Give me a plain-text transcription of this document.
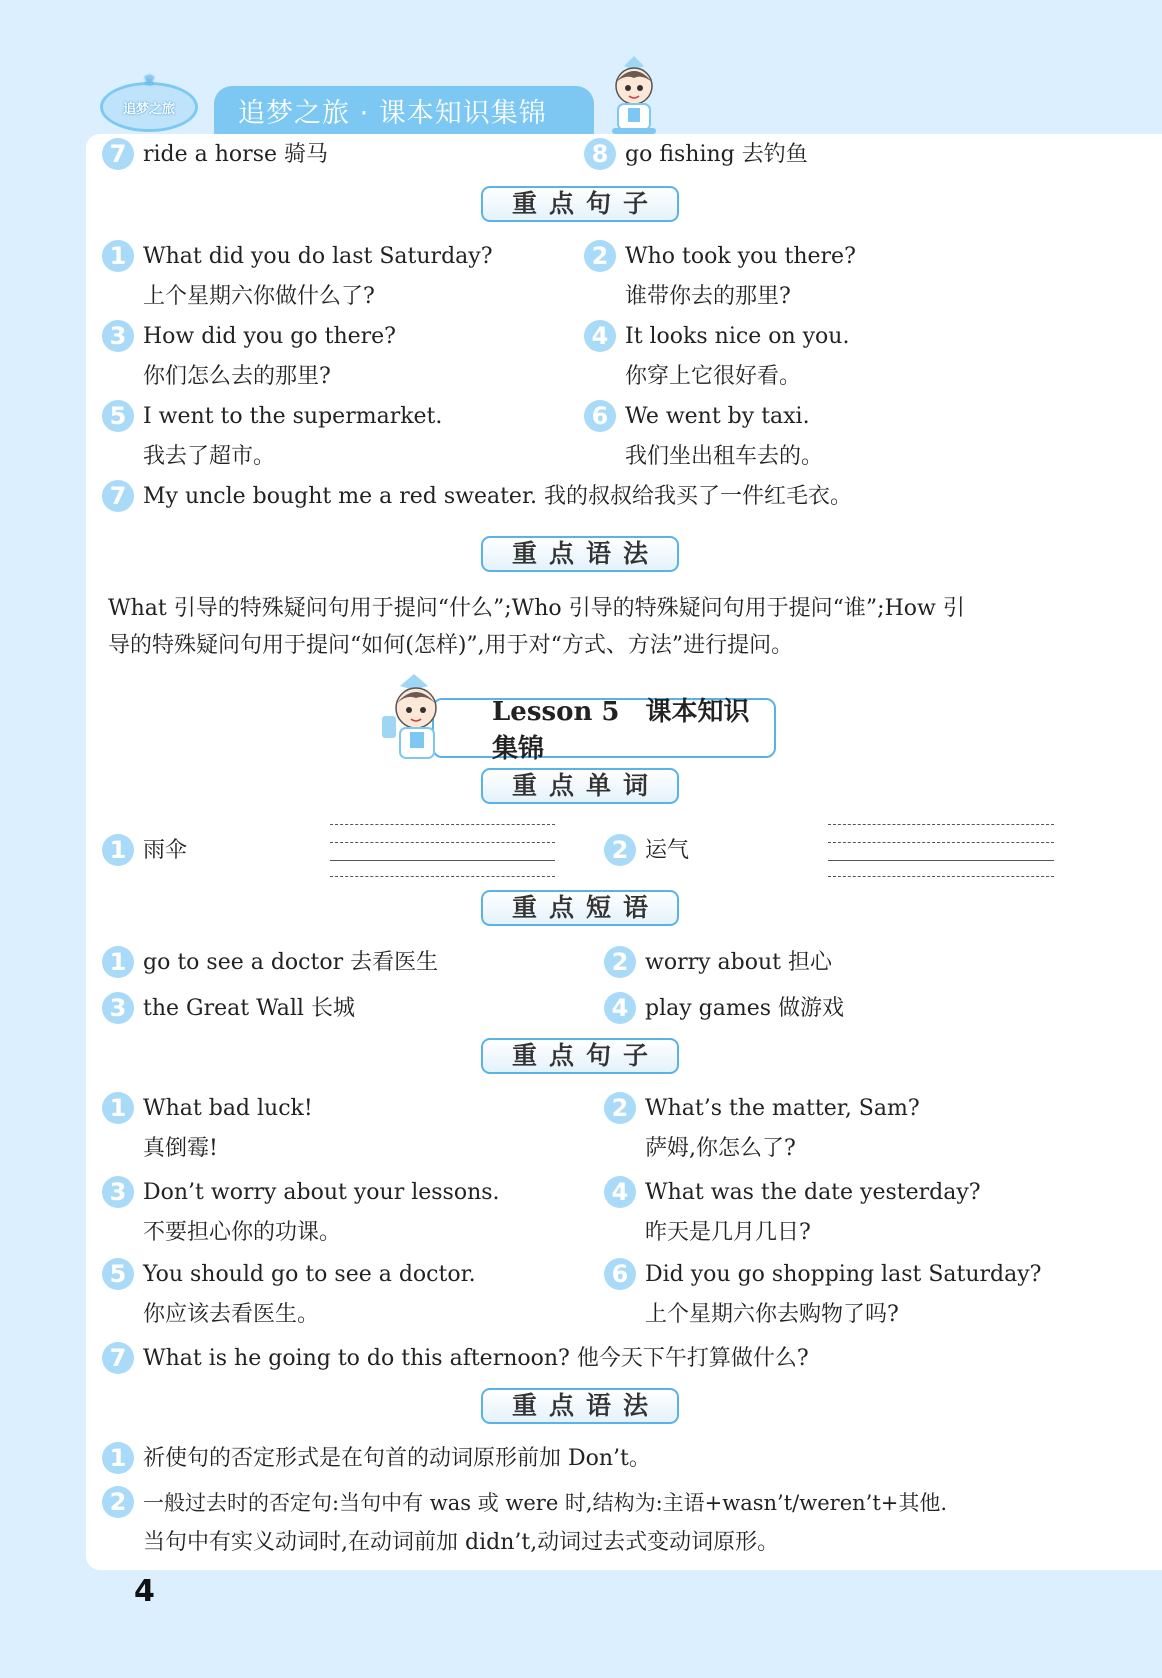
♛
追梦之旅	追梦之旅 · 课本知识集锦
7 ride a horse 骑马	8 go fishing 去钓鱼
重点句子
1 What did you do last Saturday?
上个星期六你做什么了?
2 Who took you there?
谁带你去的那里?
3 How did you go there?
你们怎么去的那里?
4 It looks nice on you.
你穿上它很好看。
5 I went to the supermarket.
我去了超市。
6 We went by taxi.
我们坐出租车去的。
7 My uncle bought me a red sweater. 我的叔叔给我买了一件红毛衣。
重点语法
What 引导的特殊疑问句用于提问“什么”;Who 引导的特殊疑问句用于提问“谁”;How 引
导的特殊疑问句用于提问“如何(怎样)”,用于对“方式、方法”进行提问。
Lesson 5　课本知识集锦
重点单词
1 雨伞	2 运气
重点短语
1 go to see a doctor 去看医生	2 worry about 担心
3 the Great Wall 长城	4 play games 做游戏
重点句子
1 What bad luck!
真倒霉!
2 What’s the matter, Sam?
萨姆,你怎么了?
3 Don’t worry about your lessons.
不要担心你的功课。
4 What was the date yesterday?
昨天是几月几日?
5 You should go to see a doctor.
你应该去看医生。
6 Did you go shopping last Saturday?
上个星期六你去购物了吗?
7 What is he going to do this afternoon? 他今天下午打算做什么?
重点语法
1 祈使句的否定形式是在句首的动词原形前加 Don’t。
2 一般过去时的否定句:当句中有 was 或 were 时,结构为:主语+wasn’t/weren’t+其他.
当句中有实义动词时,在动词前加 didn’t,动词过去式变动词原形。
4
